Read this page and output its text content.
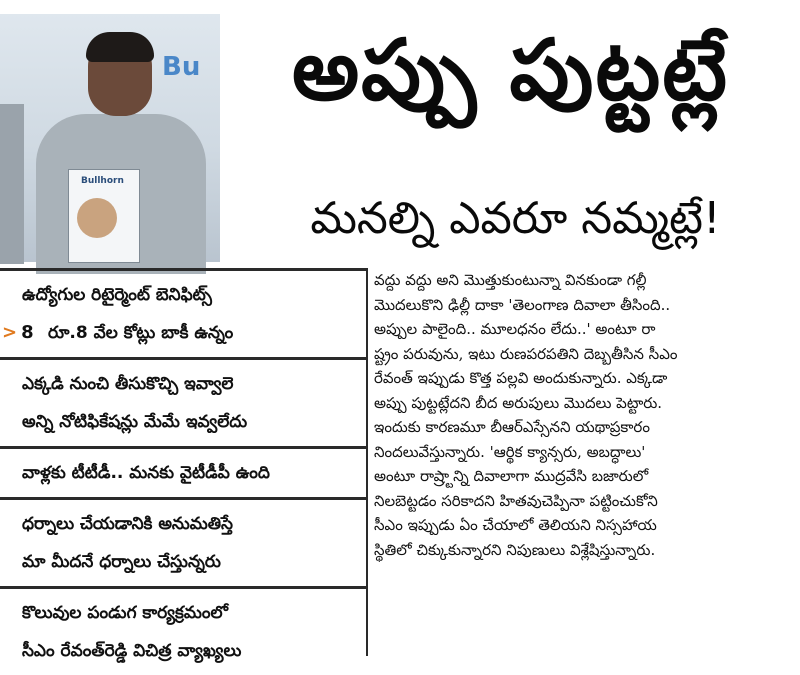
Bu
Bullhorn
అప్పు పుట్టట్లే
మనల్ని ఎవరూ నమ్మట్లే!
ఉద్యోగుల రిటైర్మెంట్ బెనిఫిట్స్
> 8 రూ.8 వేల కోట్లు బాకీ ఉన్నం
ఎక్కడి నుంచి తీసుకొచ్చి ఇవ్వాలె
అన్ని నోటిఫికేషన్లు మేమే ఇవ్వలేదు
వాళ్లకు టీటీడీ.. మనకు వైటీడీపీ ఉంది
ధర్నాలు చేయడానికి అనుమతిస్తే
మా మీదనే ధర్నాలు చేస్తున్నరు
కొలువుల పండుగ కార్యక్రమంలో
సీఎం రేవంత్‌రెడ్డి విచిత్ర వ్యాఖ్యలు
వద్దు వద్దు అని మొత్తుకుంటున్నా వినకుండా గల్లీ
మొదలుకొని ఢిల్లీ దాకా 'తెలంగాణ దివాలా తీసింది..
అప్పుల పాలైంది.. మూలధనం లేదు..' అంటూ రా
ష్ట్రం పరువును, ఇటు రుణపరపతిని దెబ్బతీసిన సీఎం
రేవంత్ ఇప్పుడు కొత్త పల్లవి అందుకున్నారు. ఎక్కడా
అప్పు పుట్టట్లేదని బీద అరుపులు మొదలు పెట్టారు.
ఇందుకు కారణమూ బీఆర్ఎస్సేనని యథాప్రకారం
నిందలువేస్తున్నారు. 'ఆర్థిక క్యాన్సరు, అబద్ధాలు'
అంటూ రాష్ర్టాన్ని దివాలాగా ముద్రవేసి బజారులో
నిలబెట్టడం సరికాదని హితవుచెప్పినా పట్టించుకోని
సీఎం ఇప్పుడు ఏం చేయాలో తెలియని నిస్సహాయ
స్థితిలో చిక్కుకున్నారని నిపుణులు విశ్లేషిస్తున్నారు.
